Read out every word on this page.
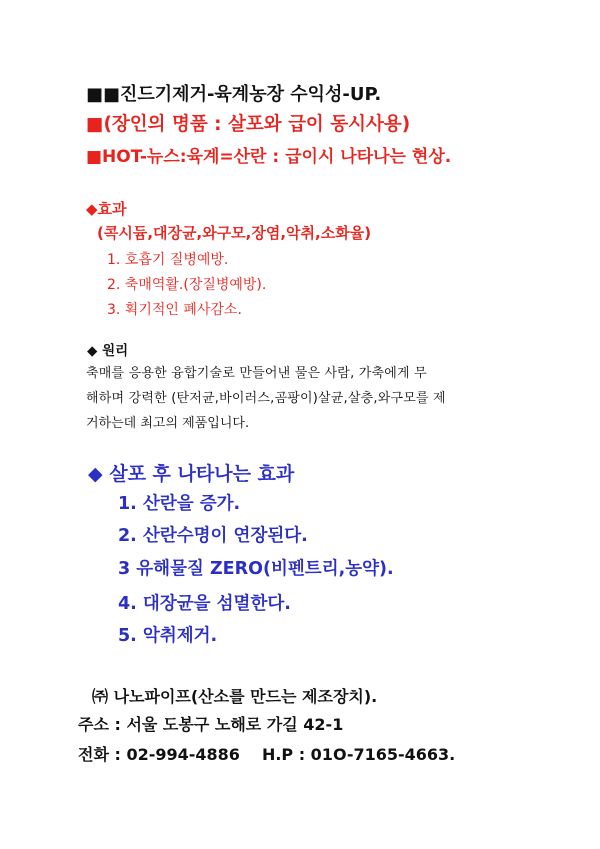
■■진드기제거-육계농장 수익성-UP.
■(장인의 명품 : 살포와 급이 동시사용)
■HOT-뉴스:육계=산란 : 급이시 나타나는 현상.
◆효과
(콕시듐,대장균,와구모,장염,악취,소화율)
1. 호흡기 질병예방.
2. 축매역활.(장질병예방).
3. 획기적인 폐사감소.
◆ 원리
축매를 응용한 융합기술로 만들어낸 물은 사람, 가축에게 무
해하며 강력한 (탄저균,바이러스,곰팡이)살균,살충,와구모를 제
거하는데 최고의 제품입니다.
◆ 살포 후 나타나는 효과
1. 산란을 증가.
2. 산란수명이 연장된다.
3 유해물질 ZERO(비펜트리,농약).
4. 대장균을 섬멸한다.
5. 악취제거.
㈜ 나노파이프(산소를 만드는 제조장치).
주소 : 서울 도봉구 노해로 가길 42-1
전화 : 02-994-4886 H.P : 01O-7165-4663.
